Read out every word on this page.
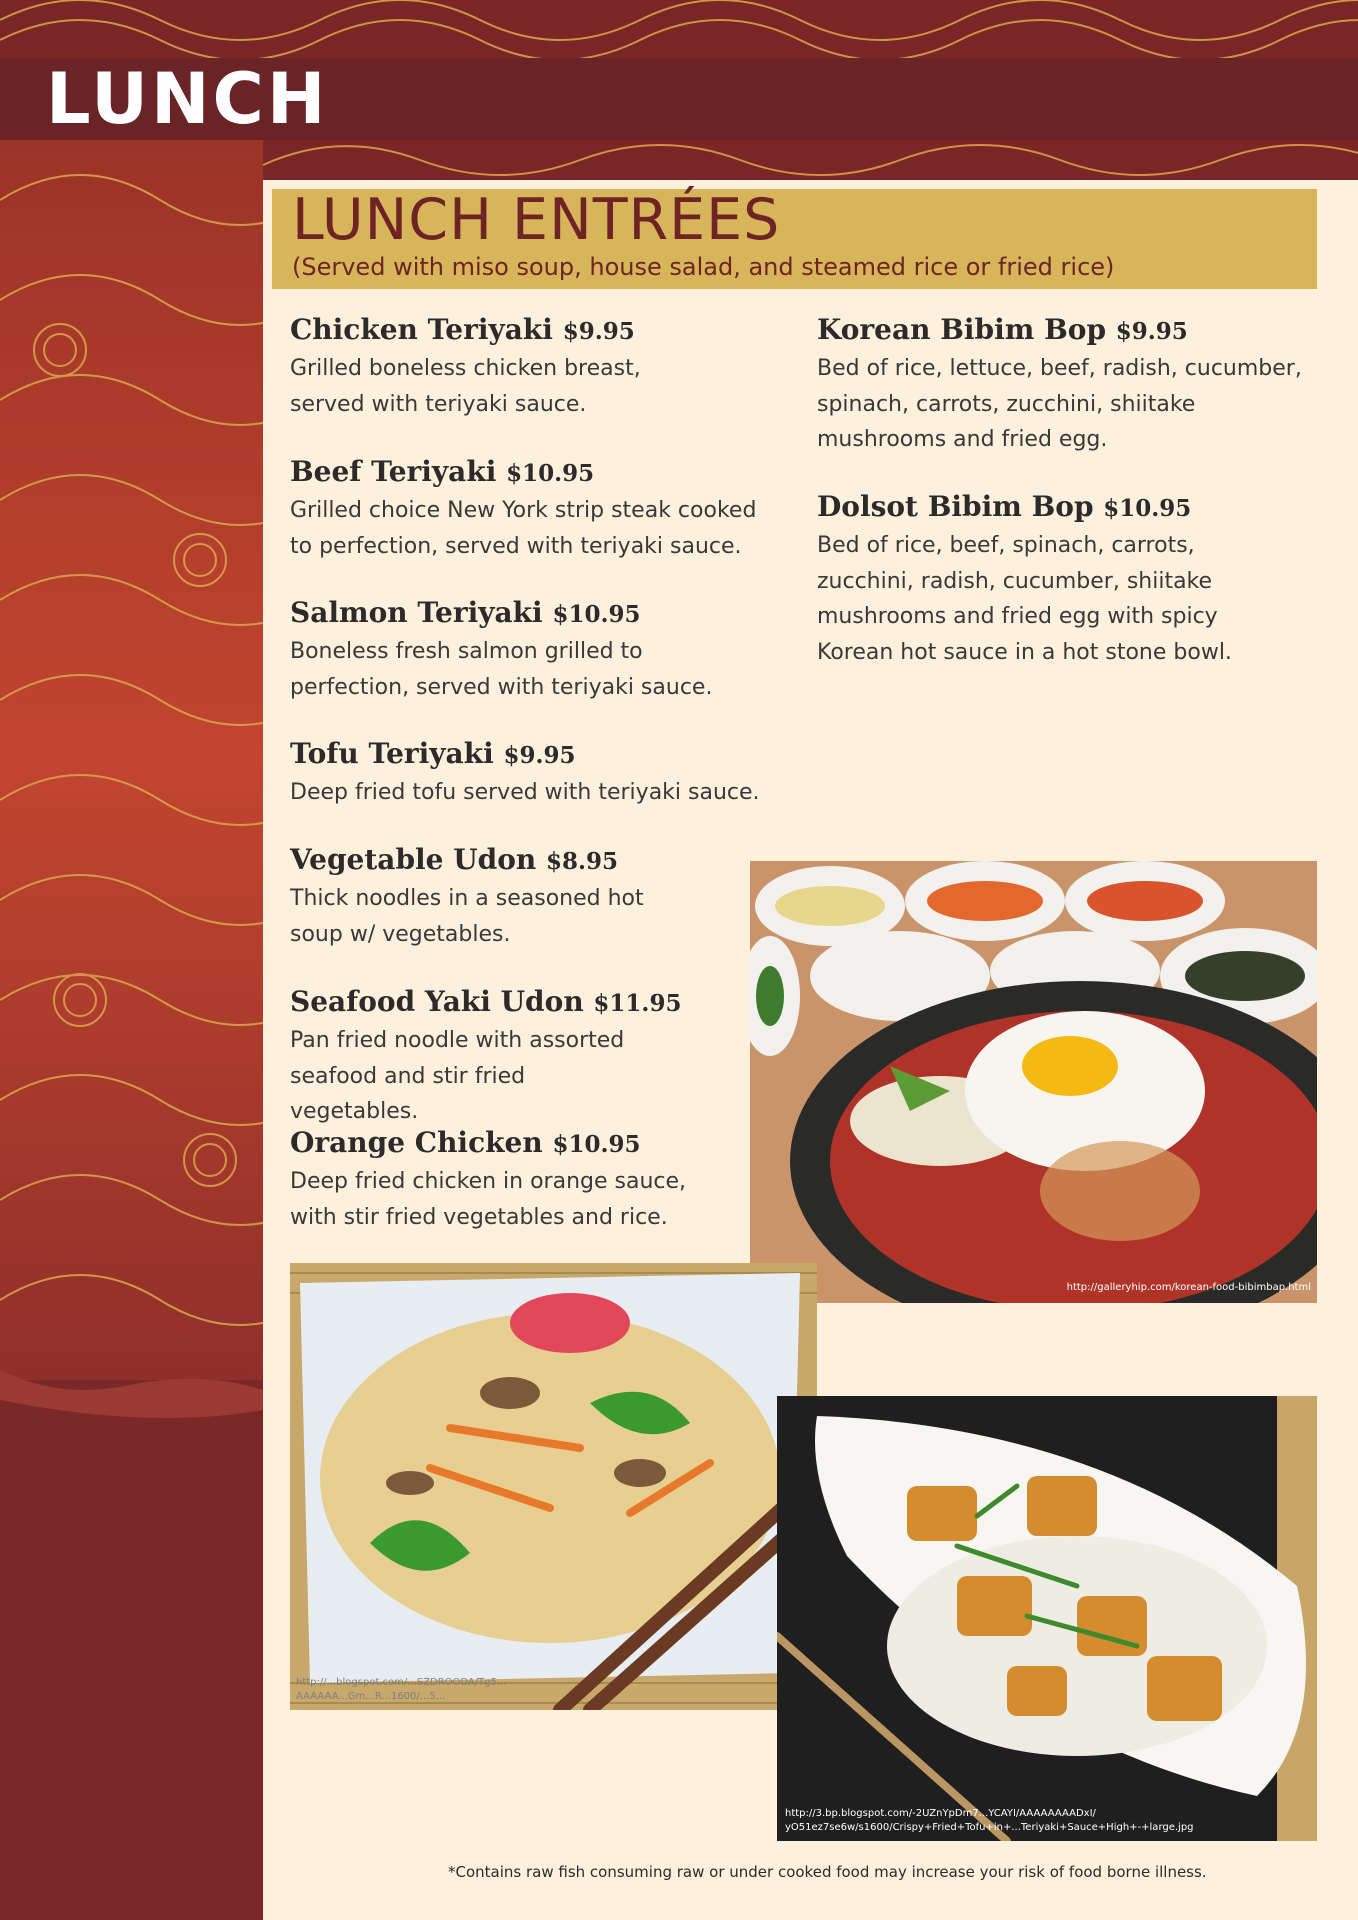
LUNCH
LUNCH ENTRÉES
(Served with miso soup, house salad, and steamed rice or fried rice)
Chicken Teriyaki $9.95
Grilled boneless chicken breast, served with teriyaki sauce.
Beef Teriyaki $10.95
Grilled choice New York strip steak cooked to perfection, served with teriyaki sauce.
Salmon Teriyaki $10.95
Boneless fresh salmon grilled to perfection, served with teriyaki sauce.
Tofu Teriyaki $9.95
Deep fried tofu served with teriyaki sauce.
Vegetable Udon $8.95
Thick noodles in a seasoned hot soup w/ vegetables.
Seafood Yaki Udon $11.95
Pan fried noodle with assorted seafood and stir fried vegetables.
Orange Chicken $10.95
Deep fried chicken in orange sauce, with stir fried vegetables and rice.
Korean Bibim Bop $9.95
Bed of rice, lettuce, beef, radish, cucumber, spinach, carrots, zucchini, shiitake mushrooms and fried egg.
Dolsot Bibim Bop $10.95
Bed of rice, beef, spinach, carrots, zucchini, radish, cucumber, shiitake mushrooms and fried egg with spicy Korean hot sauce in a hot stone bowl.
http://galleryhip.com/korean-food-bibimbap.html
http://...blogspot.com/...SZDROODA/Tg5...
AAAAAA...Gm...R...1600/...5...
http://3.bp.blogspot.com/-2UZnYpDm7...YCAYI/AAAAAAAADxI/
yO51ez7se6w/s1600/Crispy+Fried+Tofu+in+...Teriyaki+Sauce+High+-+large.jpg
*Contains raw fish consuming raw or under cooked food may increase your risk of food borne illness.
